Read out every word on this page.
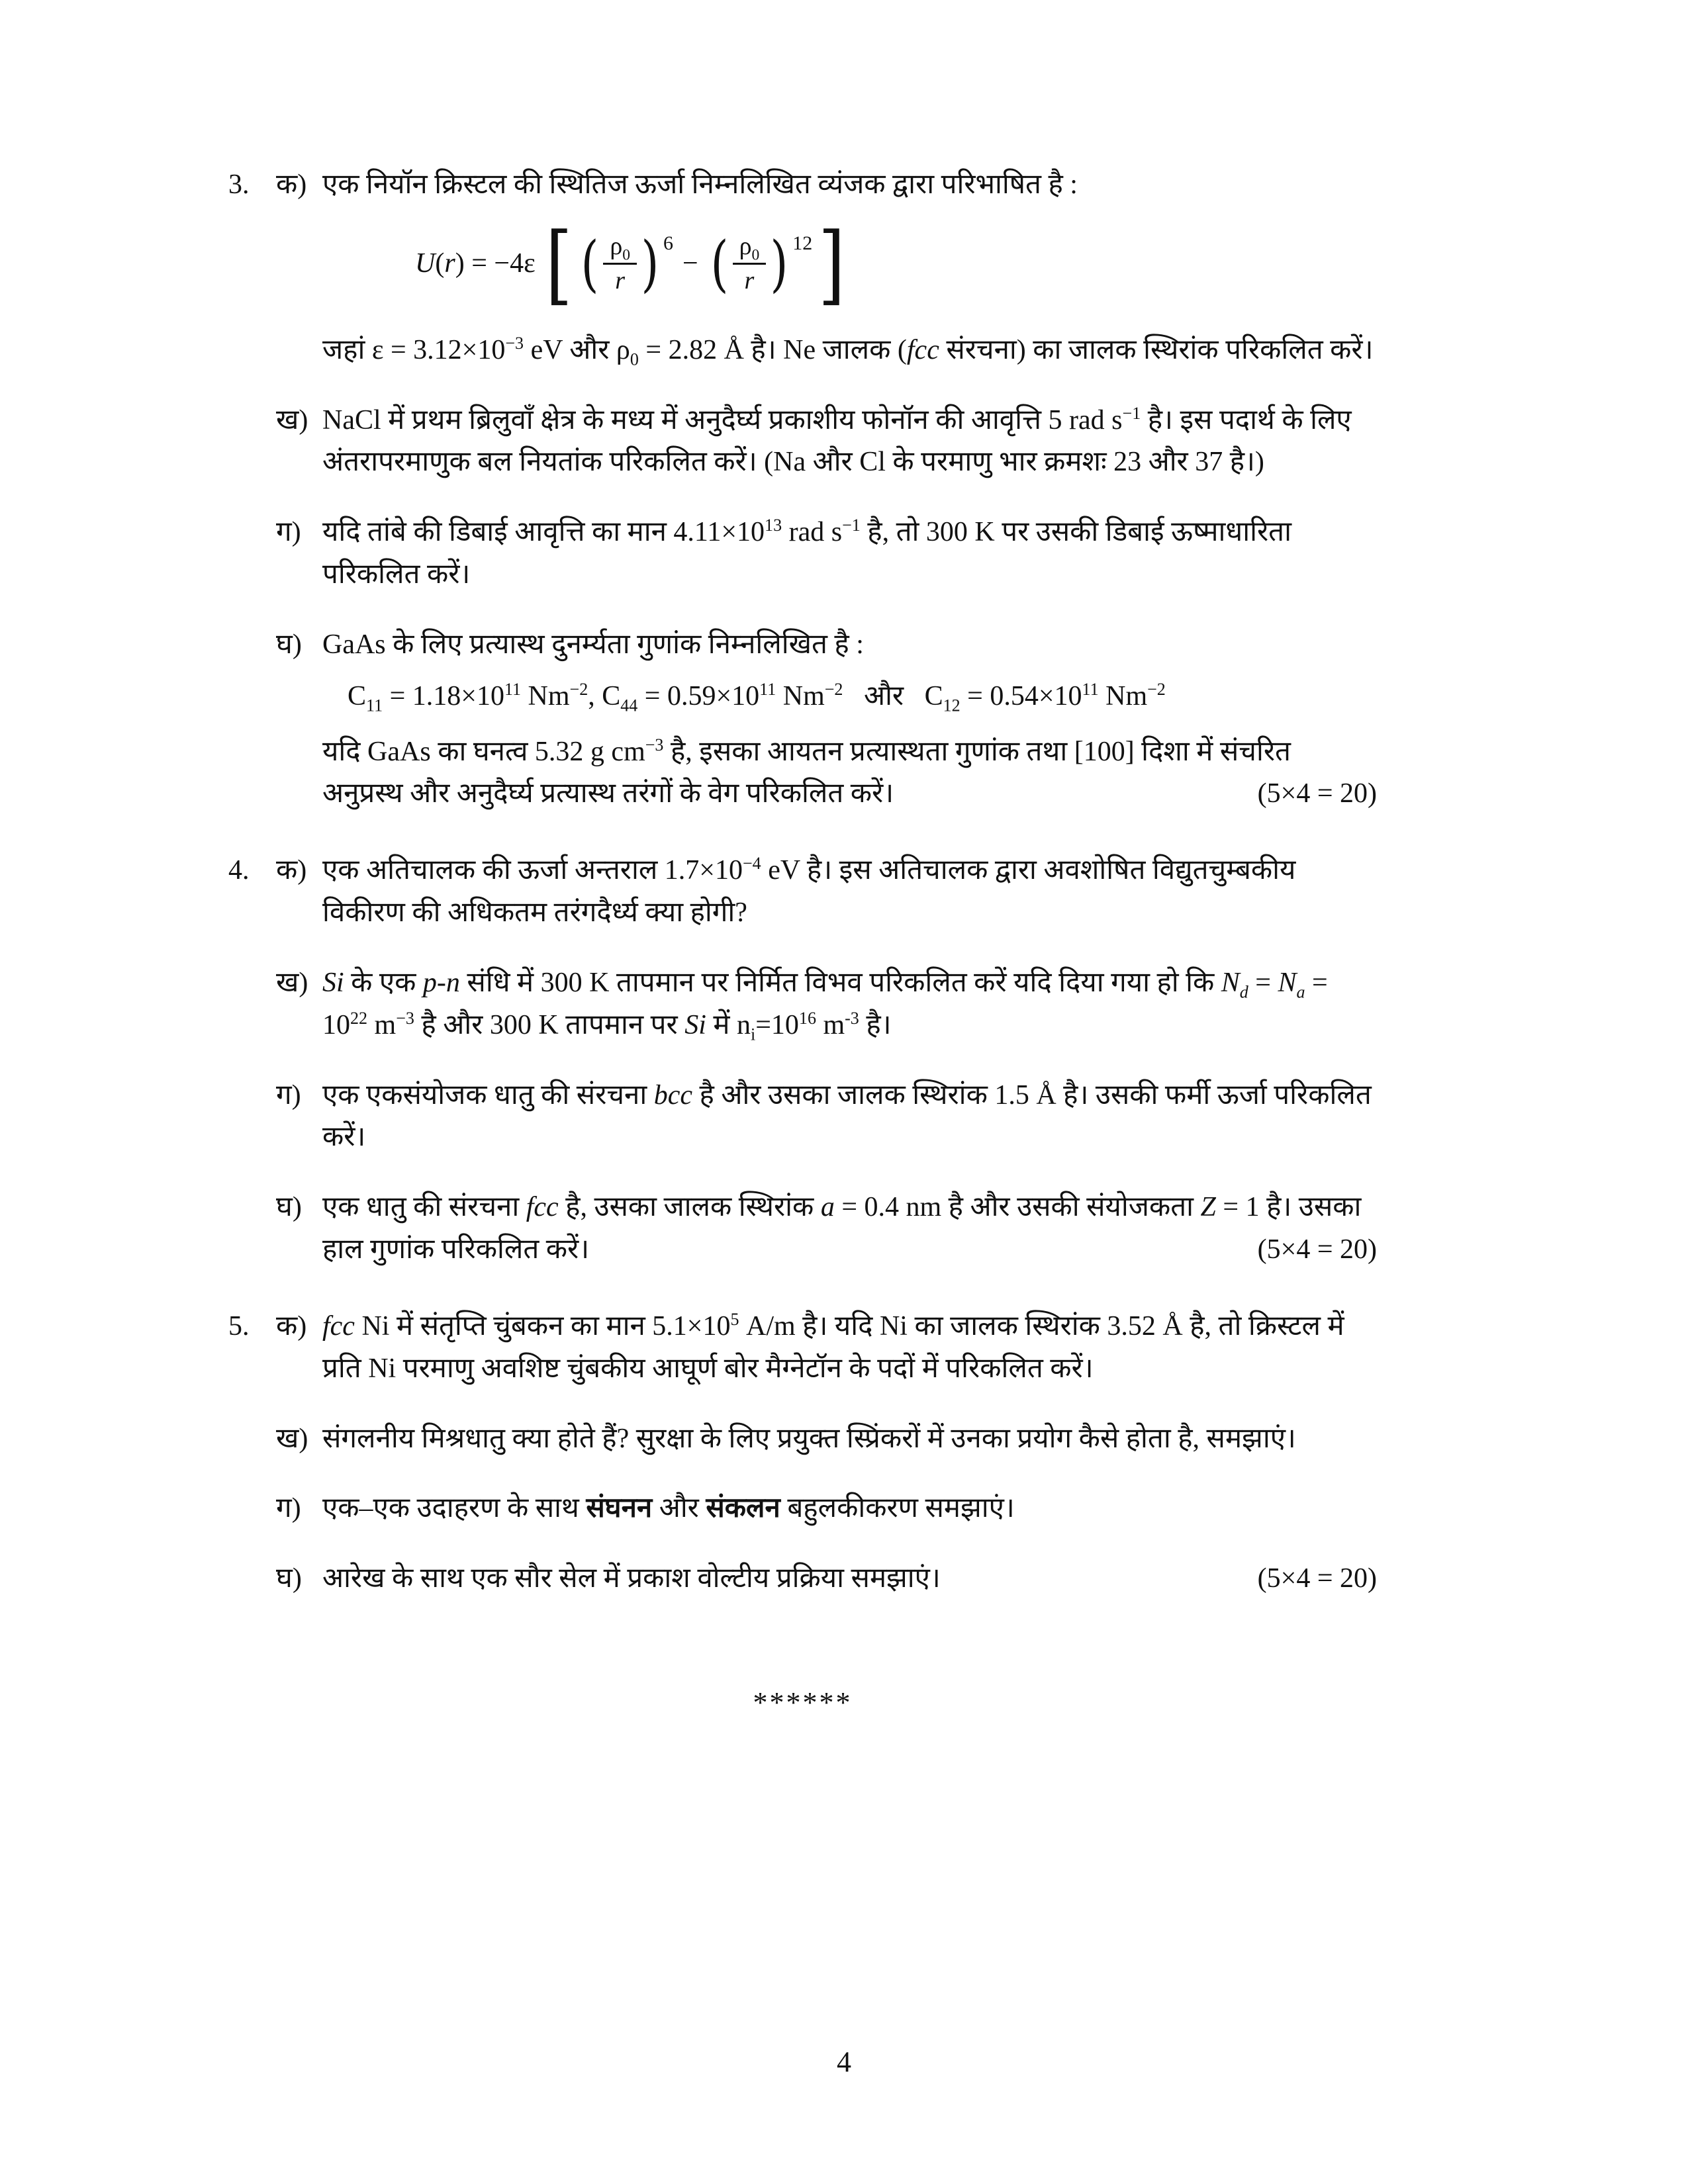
3. क) एक नियॉन क्रिस्टल की स्थितिज ऊर्जा निम्नलिखित व्यंजक द्वारा परिभाषित है :

U(r) = −4ε [ ( $\frac{\rho_0}{r}$ ) 6
− ( $\frac{\rho_0}{r}$ ) 12 ]

जहां $\varepsilon = 3.12\times 10^{-3}$ eV और $\rho_0 = 2.82$ Å है। Ne जालक (fcc संरचना) का जालक स्थिरांक परिकलित करें।

ख) NaCl में प्रथम ब्रिलुवाँ क्षेत्र के मध्य में अनुदैर्घ्य प्रकाशीय फोनॉन की आवृत्ति 5 rad $s^{-1}$ है। इस पदार्थ के लिए अंतरापरमाणुक बल नियतांक परिकलित करें। (Na और Cl के परमाणु भार क्रमशः 23 और 37 है।)

ग) यदि तांबे की डिबाई आवृत्ति का मान $4.11\times 10^{13}$ rad $s^{-1}$ है, तो 300 K पर उसकी डिबाई ऊष्माधारिता परिकलित करें।

घ) GaAs के लिए प्रत्यास्थ दुनर्म्यता गुणांक निम्नलिखित है :

$C_{11} = 1.18\times 10^{11}$ $Nm^{-2}$, $C_{44} = 0.59\times 10^{11}$ $Nm^{-2}$   और   $C_{12} = 0.54\times 10^{11}$ $Nm^{-2}$

यदि GaAs का घनत्व 5.32 g $cm^{-3}$ है, इसका आयतन प्रत्यास्थता गुणांक तथा [100] दिशा में संचरित अनुप्रस्थ और अनुदैर्घ्य प्रत्यास्थ तरंगों के वेग परिकलित करें।	(5×4 = 20)
4. क) एक अतिचालक की ऊर्जा अन्तराल $1.7\times 10^{-4}$ eV है। इस अतिचालक द्वारा अवशोषित विद्युतचुम्बकीय विकीरण की अधिकतम तरंगदैर्ध्य क्या होगी?

ख) Si के एक p-n संधि में 300 K तापमान पर निर्मित विभव परिकलित करें यदि दिया गया हो कि $N_d = N_a = 10^{22}$ $m^{-3}$ है और 300 K तापमान पर Si में $n_i=10^{16}$ $m^{-3}$ है।

ग) एक एकसंयोजक धातु की संरचना bcc है और उसका जालक स्थिरांक 1.5 Å है। उसकी फर्मी ऊर्जा परिकलित करें।

घ) एक धातु की संरचना fcc है, उसका जालक स्थिरांक a = 0.4 nm है और उसकी संयोजकता Z = 1 है। उसका हाल गुणांक परिकलित करें।	(5×4 = 20)
5. क) fcc Ni में संतृप्ति चुंबकन का मान $5.1\times 10^5$ A/m है। यदि Ni का जालक स्थिरांक 3.52 Å है, तो क्रिस्टल में प्रति Ni परमाणु अवशिष्ट चुंबकीय आघूर्ण बोर मैग्नेटॉन के पदों में परिकलित करें।

ख) संगलनीय मिश्रधातु क्या होते हैं? सुरक्षा के लिए प्रयुक्त स्प्रिंकरों में उनका प्रयोग कैसे होता है, समझाएं।

ग) एक–एक उदाहरण के साथ संघनन और संकलन बहुलकीकरण समझाएं।

घ) आरेख के साथ एक सौर सेल में प्रकाश वोल्टीय प्रक्रिया समझाएं।	(5×4 = 20)
******
4
